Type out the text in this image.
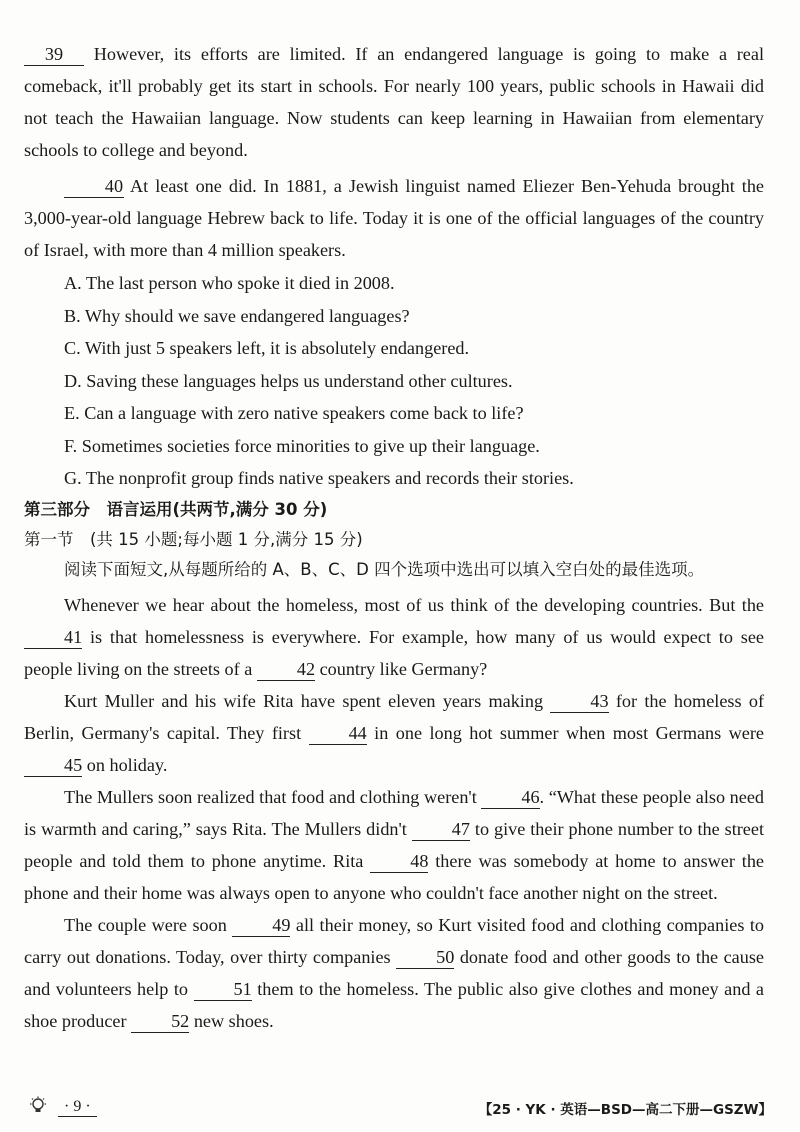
39 However, its efforts are limited. If an endangered language is going to make a real comeback, it'll probably get its start in schools. For nearly 100 years, public schools in Hawaii did not teach the Hawaiian language. Now students can keep learning in Hawaiian from elementary schools to college and beyond.

40 At least one did. In 1881, a Jewish linguist named Eliezer Ben-Yehuda brought the 3,000-year-old language Hebrew back to life. Today it is one of the official languages of the country of Israel, with more than 4 million speakers.

A. The last person who spoke it died in 2008.

B. Why should we save endangered languages?

C. With just 5 speakers left, it is absolutely endangered.

D. Saving these languages helps us understand other cultures.

E. Can a language with zero native speakers come back to life?

F. Sometimes societies force minorities to give up their language.

G. The nonprofit group finds native speakers and records their stories.

第三部分　语言运用(共两节,满分 30 分)

第一节　(共 15 小题;每小题 1 分,满分 15 分)

阅读下面短文,从每题所给的 A、B、C、D 四个选项中选出可以填入空白处的最佳选项。

Whenever we hear about the homeless, most of us think of the developing countries. But the 41 is that homelessness is everywhere. For example, how many of us would expect to see people living on the streets of a 42 country like Germany?

Kurt Muller and his wife Rita have spent eleven years making 43 for the homeless of Berlin, Germany's capital. They first 44 in one long hot summer when most Germans were 45 on holiday.

The Mullers soon realized that food and clothing weren't 46. “What these people also need is warmth and caring,” says Rita. The Mullers didn't 47 to give their phone number to the street people and told them to phone anytime. Rita 48 there was somebody at home to answer the phone and their home was always open to anyone who couldn't face another night on the street.

The couple were soon 49 all their money, so Kurt visited food and clothing companies to carry out donations. Today, over thirty companies 50 donate food and other goods to the cause and volunteers help to 51 them to the homeless. The public also give clothes and money and a shoe producer 52 new shoes.

· 9 ·	【25 · YK · 英语—BSD—高二下册—GSZW】
